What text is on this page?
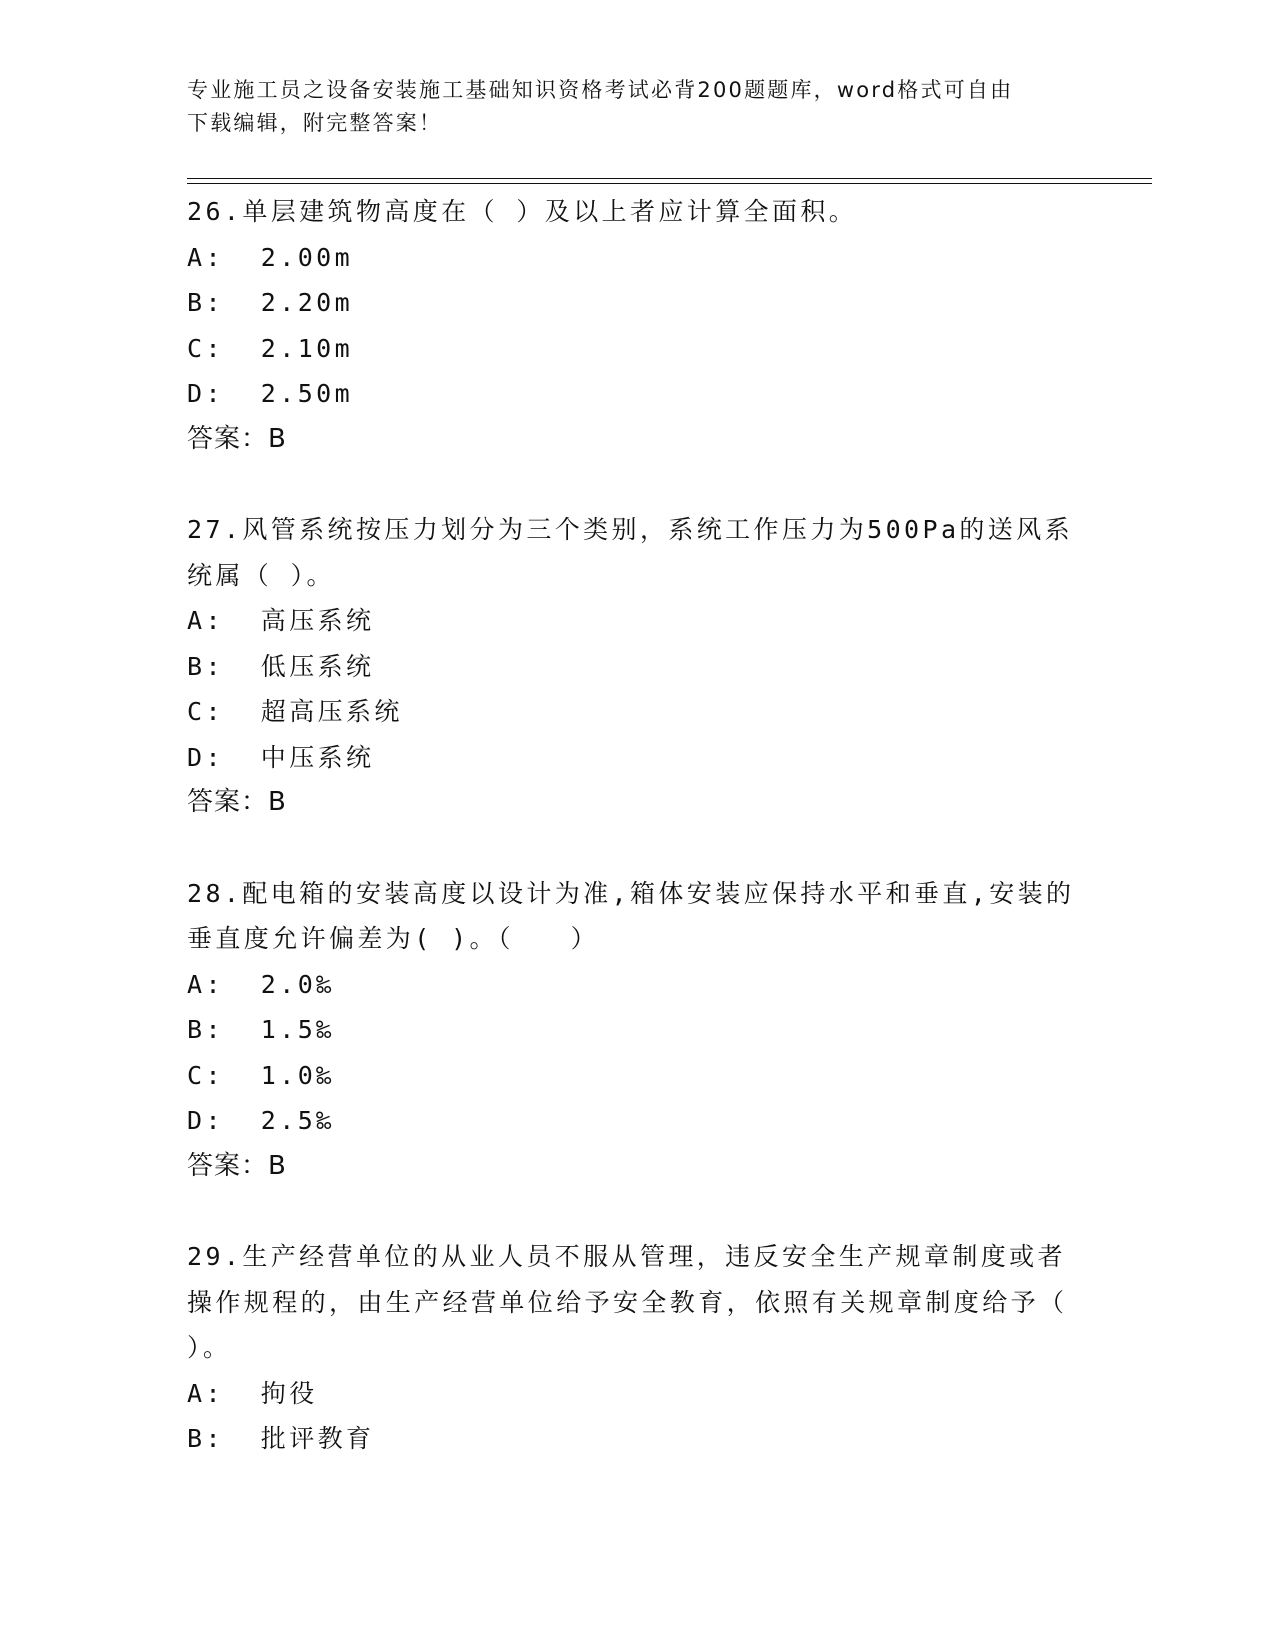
专业施工员之设备安装施工基础知识资格考试必背200题题库，word格式可自由
下载编辑，附完整答案！
26.单层建筑物高度在（ ）及以上者应计算全面积。
A:  2.00m
B:  2.20m
C:  2.10m
D:  2.50m
答案：B
27.风管系统按压力划分为三个类别，系统工作压力为500Pa的送风系统属（ ）。
A:  高压系统
B:  低压系统
C:  超高压系统
D:  中压系统
答案：B
28.配电箱的安装高度以设计为准,箱体安装应保持水平和垂直,安装的垂直度允许偏差为( )。（　　）
A:  2.0‰
B:  1.5‰
C:  1.0‰
D:  2.5‰
答案：B
29.生产经营单位的从业人员不服从管理，违反安全生产规章制度或者操作规程的，由生产经营单位给予安全教育，依照有关规章制度给予（ ）。
A:  拘役
B:  批评教育
